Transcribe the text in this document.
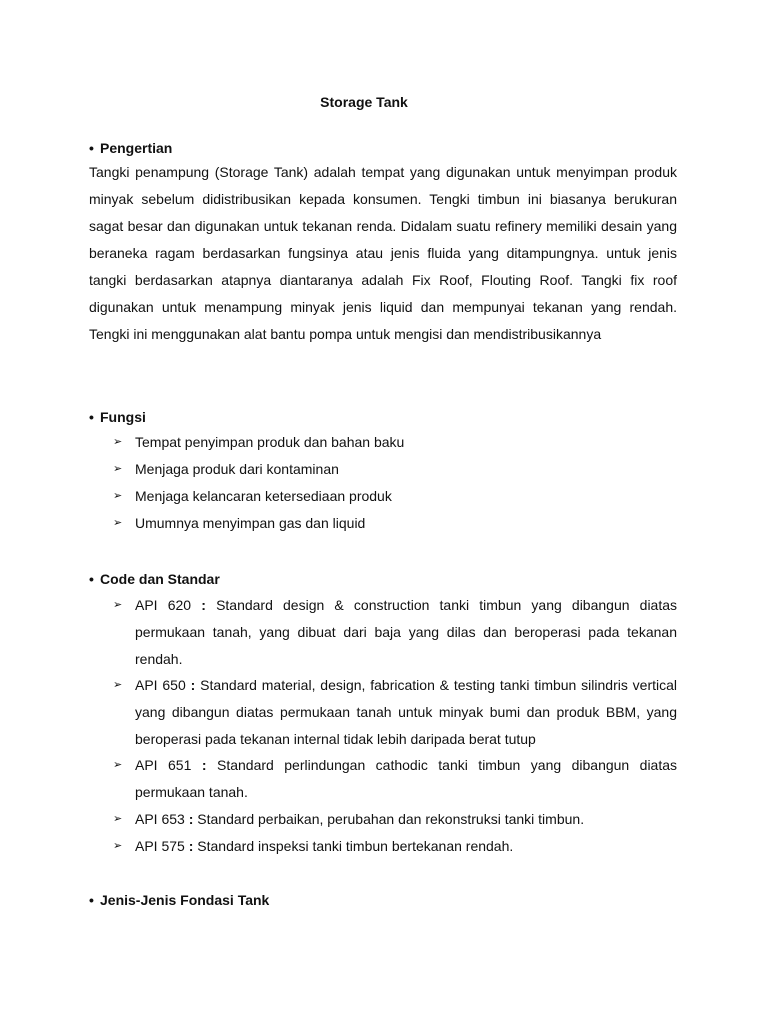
Storage Tank
• Pengertian
Tangki penampung (Storage Tank) adalah tempat yang digunakan untuk menyimpan produk minyak sebelum didistribusikan kepada konsumen. Tengki timbun ini biasanya berukuran sagat besar dan digunakan untuk tekanan renda. Didalam suatu refinery memiliki desain yang beraneka ragam berdasarkan fungsinya atau jenis fluida yang ditampungnya. untuk jenis tangki berdasarkan atapnya diantaranya adalah Fix Roof, Flouting Roof. Tangki fix roof digunakan untuk menampung minyak jenis liquid dan mempunyai tekanan yang rendah. Tengki ini menggunakan alat bantu pompa untuk mengisi dan mendistribusikannya
• Fungsi
➢ Tempat penyimpan produk dan bahan baku
➢ Menjaga produk dari kontaminan
➢ Menjaga kelancaran ketersediaan produk
➢ Umumnya menyimpan gas dan liquid
• Code dan Standar
➢ API 620 : Standard design & construction tanki timbun yang dibangun diatas permukaan tanah, yang dibuat dari baja yang dilas dan beroperasi pada tekanan rendah.
➢ API 650 : Standard material, design, fabrication & testing tanki timbun silindris vertical yang dibangun diatas permukaan tanah untuk minyak bumi dan produk BBM, yang beroperasi pada tekanan internal tidak lebih daripada berat tutup
➢ API 651 : Standard perlindungan cathodic tanki timbun yang dibangun diatas permukaan tanah.
➢ API 653 : Standard perbaikan, perubahan dan rekonstruksi tanki timbun.
➢ API 575 : Standard inspeksi tanki timbun bertekanan rendah.
• Jenis-Jenis Fondasi Tank
